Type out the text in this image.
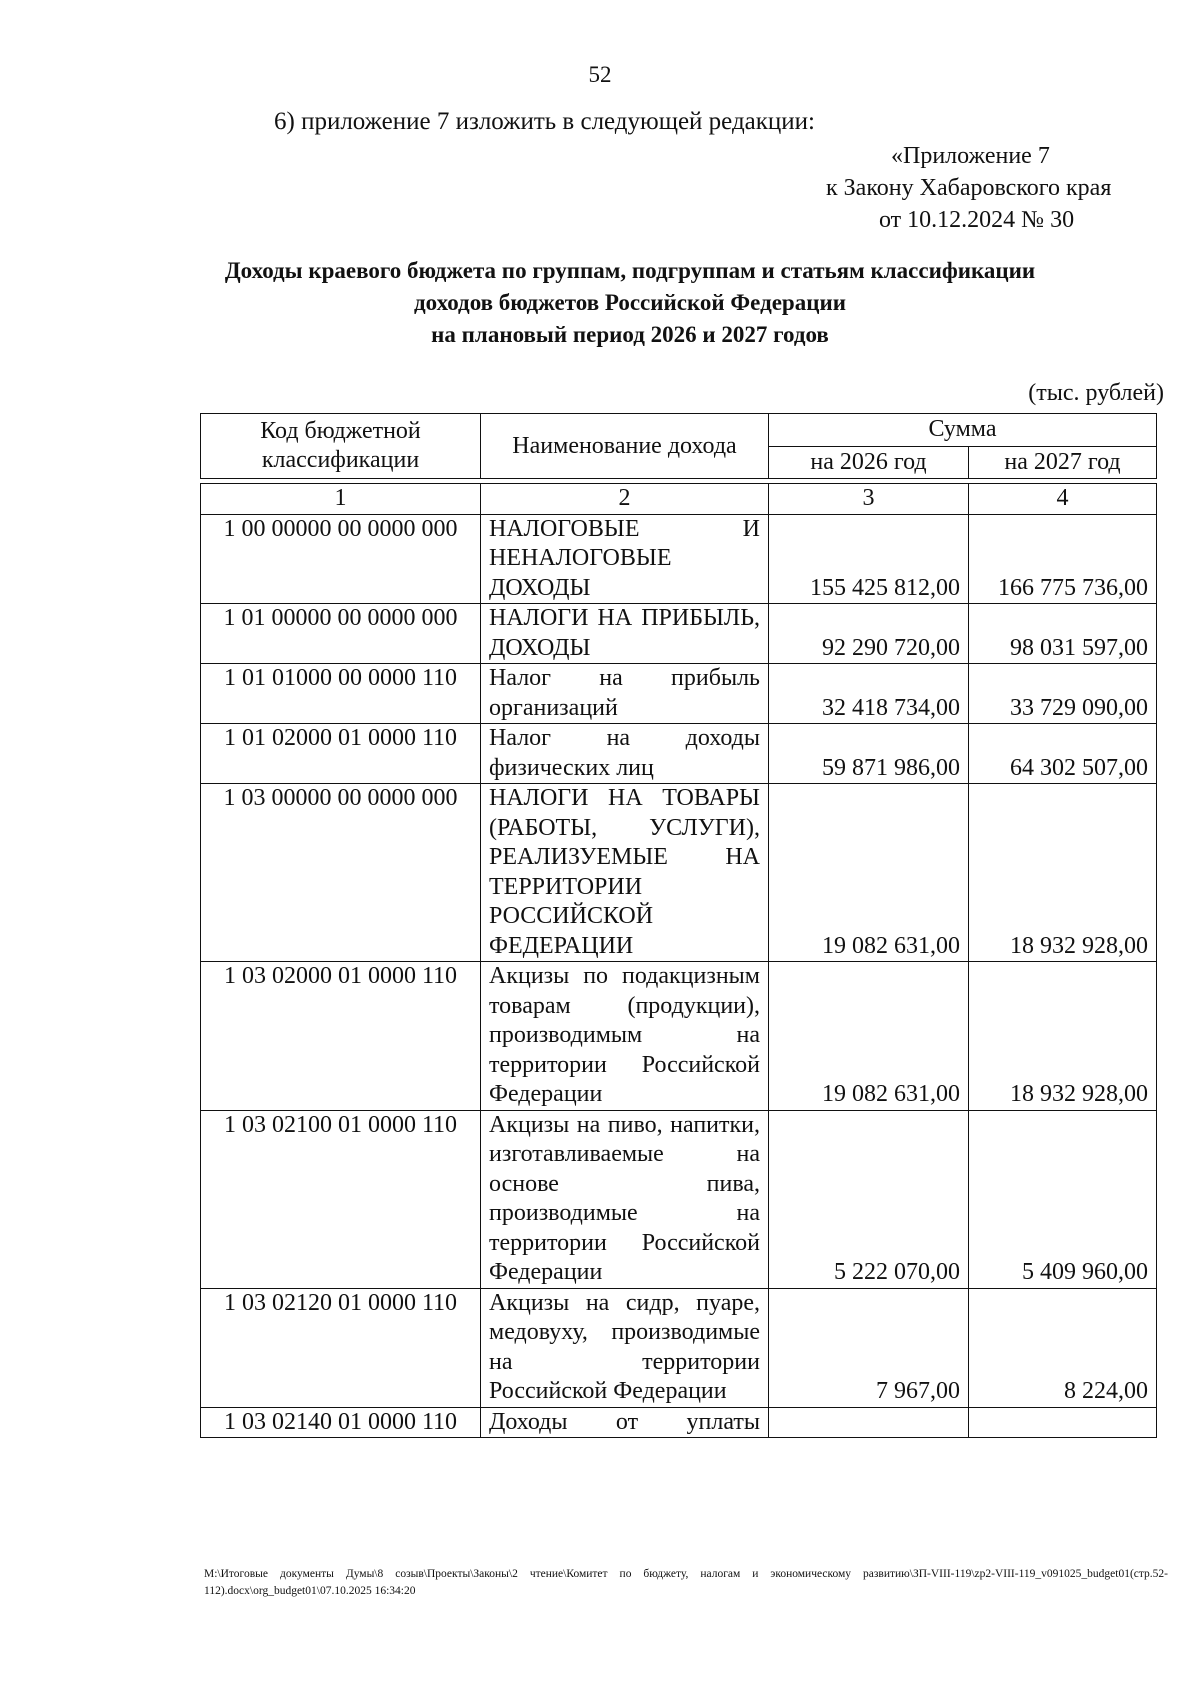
52
6) приложение 7 изложить в следующей редакции:
«Приложение 7
к Закону Хабаровского края
от 10.12.2024 № 30
Доходы краевого бюджета по группам, подгруппам и статьям классификации
доходов бюджетов Российской Федерации
на плановый период 2026 и 2027 годов
(тыс. рублей)
Код бюджетной классификации	Наименование дохода	Сумма	
		на 2026 год	на 2027 год
1	2	3	4
1 00 00000 00 0000 000	НАЛОГОВЫЕ И НЕНАЛОГОВЫЕ ДОХОДЫ	155 425 812,00	166 775 736,00
1 01 00000 00 0000 000	НАЛОГИ НА ПРИБЫЛЬ, ДОХОДЫ	92 290 720,00	98 031 597,00
1 01 01000 00 0000 110	Налог на прибыль организаций	32 418 734,00	33 729 090,00
1 01 02000 01 0000 110	Налог на доходы физических лиц	59 871 986,00	64 302 507,00
1 03 00000 00 0000 000	НАЛОГИ НА ТОВАРЫ (РАБОТЫ, УСЛУГИ), РЕАЛИЗУЕМЫЕ НА ТЕРРИТОРИИ РОССИЙСКОЙ ФЕДЕРАЦИИ	19 082 631,00	18 932 928,00
1 03 02000 01 0000 110	Акцизы по подакцизным товарам (продукции), производимым на территории Российской Федерации	19 082 631,00	18 932 928,00
1 03 02100 01 0000 110	Акцизы на пиво, напитки, изготавливаемые на основе пива, производимые на территории Российской Федерации	5 222 070,00	5 409 960,00
1 03 02120 01 0000 110	Акцизы на сидр, пуаре, медовуху, производимые на территории Российской Федерации	7 967,00	8 224,00
1 03 02140 01 0000 110	Доходы от уплаты		
M:\Итоговые документы Думы\8 созыв\Проекты\Законы\2 чтение\Комитет по бюджету, налогам и экономическому развитию\ЗП-VIII-119\zp2-VIII-119_v091025_budget01(стр.52-112).docx\org_budget01\07.10.2025 16:34:20
